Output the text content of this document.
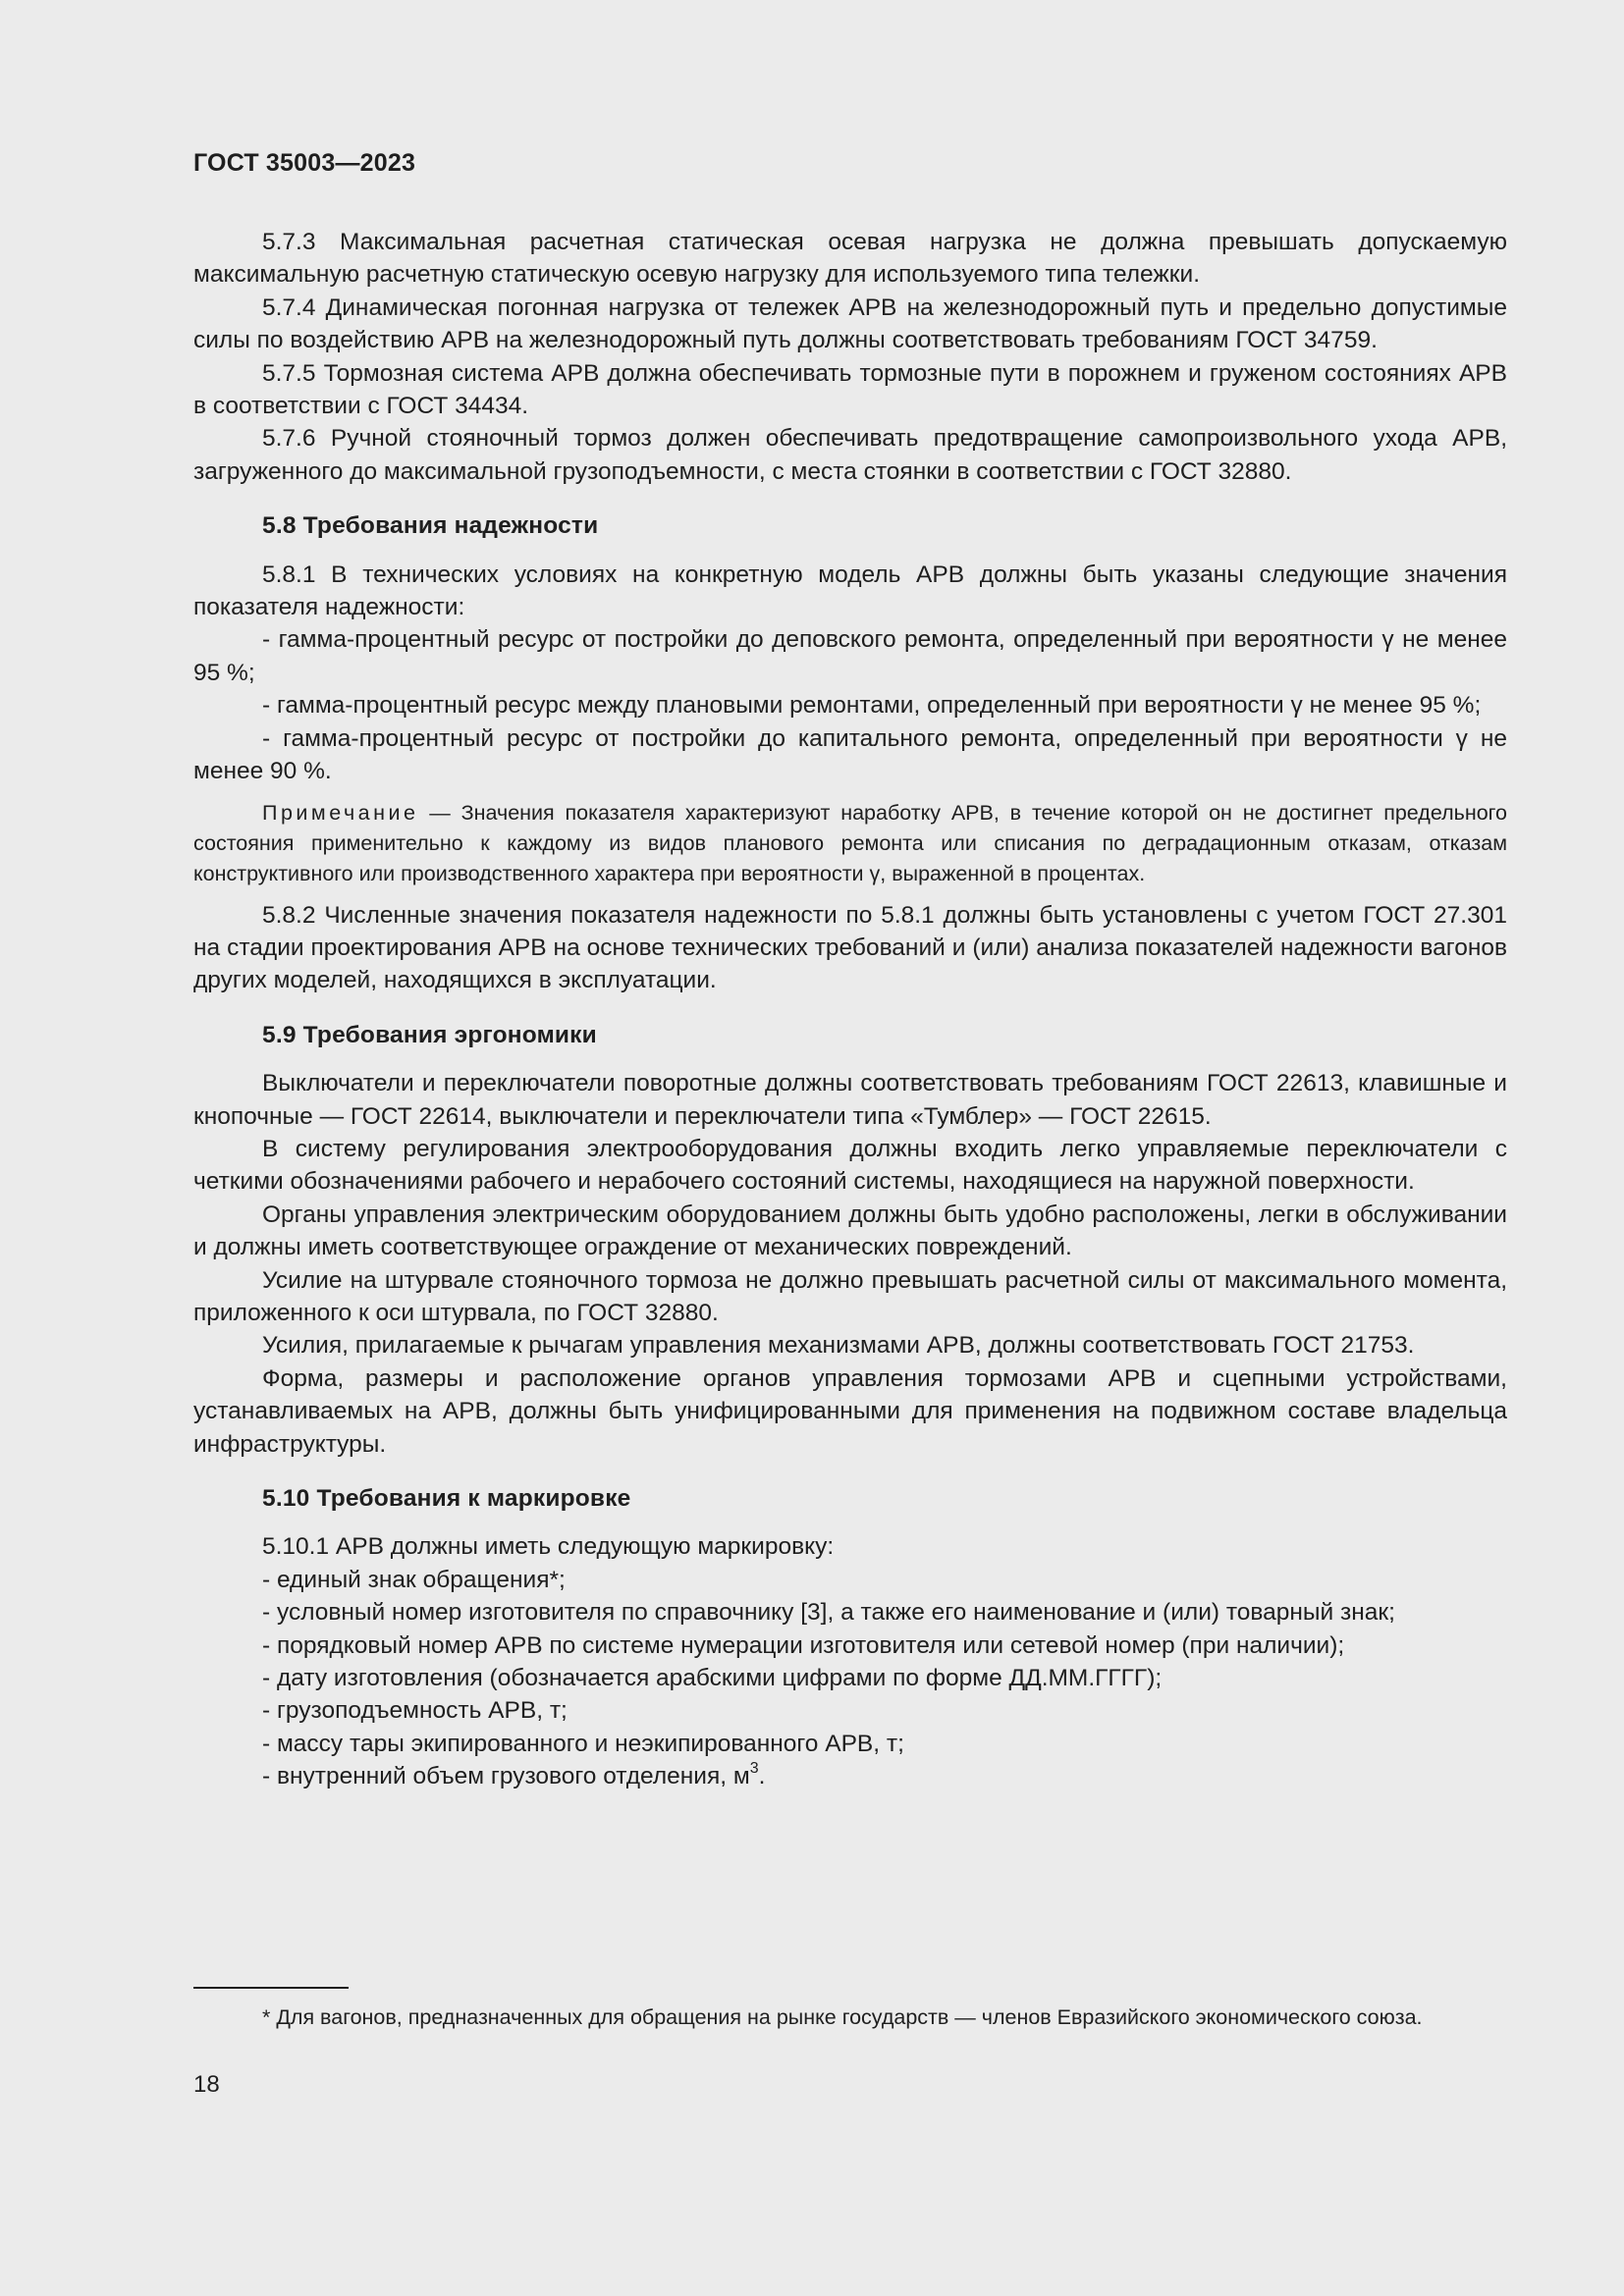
ГОСТ 35003—2023

5.7.3 Максимальная расчетная статическая осевая нагрузка не должна превышать допускаемую максимальную расчетную статическую осевую нагрузку для используемого типа тележки.

5.7.4 Динамическая погонная нагрузка от тележек АРВ на железнодорожный путь и предельно допустимые силы по воздействию АРВ на железнодорожный путь должны соответствовать требованиям ГОСТ 34759.

5.7.5 Тормозная система АРВ должна обеспечивать тормозные пути в порожнем и груженом состояниях АРВ в соответствии с ГОСТ 34434.

5.7.6 Ручной стояночный тормоз должен обеспечивать предотвращение самопроизвольного ухода АРВ, загруженного до максимальной грузоподъемности, с места стоянки в соответствии с ГОСТ 32880.

5.8 Требования надежности

5.8.1 В технических условиях на конкретную модель АРВ должны быть указаны следующие значения показателя надежности:

- гамма-процентный ресурс от постройки до деповского ремонта, определенный при вероятности γ не менее 95 %;

- гамма-процентный ресурс между плановыми ремонтами, определенный при вероятности γ не менее 95 %;

- гамма-процентный ресурс от постройки до капитального ремонта, определенный при вероятности γ не менее 90 %.

Примечание — Значения показателя характеризуют наработку АРВ, в течение которой он не достигнет предельного состояния применительно к каждому из видов планового ремонта или списания по деградационным отказам, отказам конструктивного или производственного характера при вероятности γ, выраженной в процентах.

5.8.2 Численные значения показателя надежности по 5.8.1 должны быть установлены с учетом ГОСТ 27.301 на стадии проектирования АРВ на основе технических требований и (или) анализа показателей надежности вагонов других моделей, находящихся в эксплуатации.

5.9 Требования эргономики

Выключатели и переключатели поворотные должны соответствовать требованиям ГОСТ 22613, клавишные и кнопочные — ГОСТ 22614, выключатели и переключатели типа «Тумблер» — ГОСТ 22615.

В систему регулирования электрооборудования должны входить легко управляемые переключатели с четкими обозначениями рабочего и нерабочего состояний системы, находящиеся на наружной поверхности.

Органы управления электрическим оборудованием должны быть удобно расположены, легки в обслуживании и должны иметь соответствующее ограждение от механических повреждений.

Усилие на штурвале стояночного тормоза не должно превышать расчетной силы от максимального момента, приложенного к оси штурвала, по ГОСТ 32880.

Усилия, прилагаемые к рычагам управления механизмами АРВ, должны соответствовать ГОСТ 21753.

Форма, размеры и расположение органов управления тормозами АРВ и сцепными устройствами, устанавливаемых на АРВ, должны быть унифицированными для применения на подвижном составе владельца инфраструктуры.

5.10 Требования к маркировке

5.10.1 АРВ должны иметь следующую маркировку:

- единый знак обращения*;

- условный номер изготовителя по справочнику [3], а также его наименование и (или) товарный знак;

- порядковый номер АРВ по системе нумерации изготовителя или сетевой номер (при наличии);

- дату изготовления (обозначается арабскими цифрами по форме ДД.ММ.ГГГГ);

- грузоподъемность АРВ, т;

- массу тары экипированного и неэкипированного АРВ, т;

- внутренний объем грузового отделения, $м^3$.

* Для вагонов, предназначенных для обращения на рынке государств — членов Евразийского экономического союза.

18
